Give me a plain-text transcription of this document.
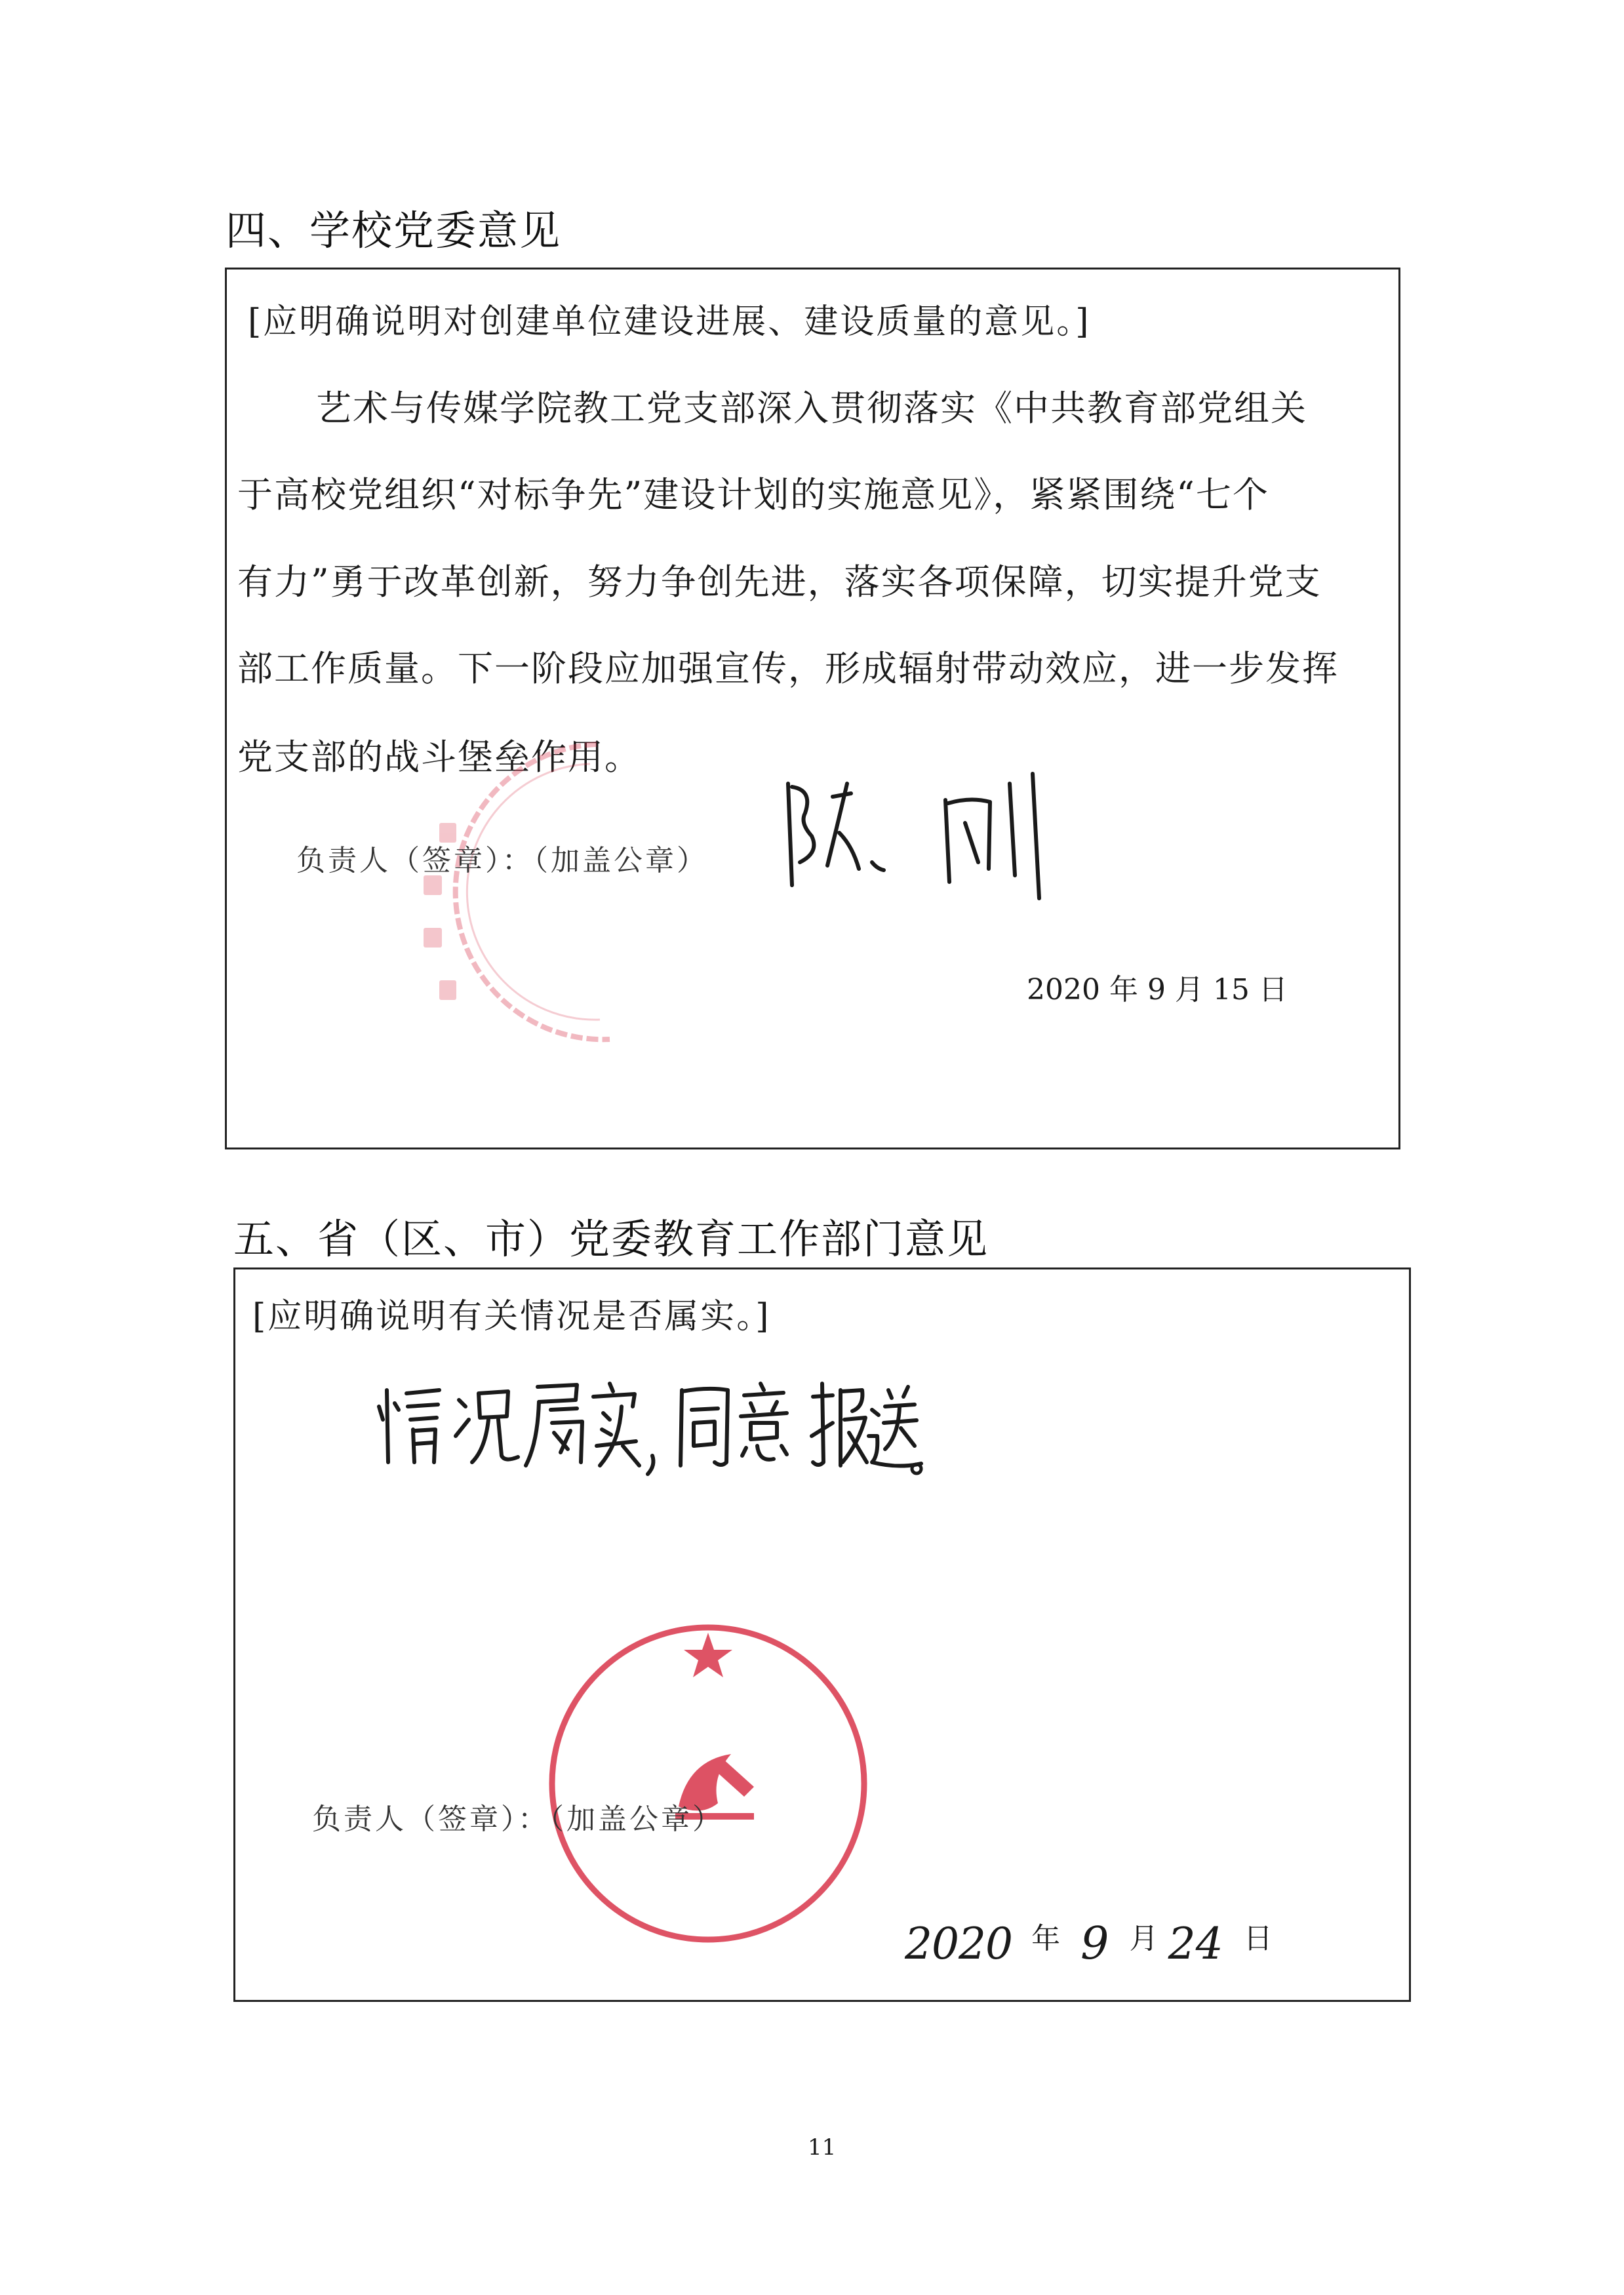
四、学校党委意见
[应明确说明对创建单位建设进展、建设质量的意见。]
艺术与传媒学院教工党支部深入贯彻落实《中共教育部党组关
于高校党组织“对标争先”建设计划的实施意见》，紧紧围绕“七个
有力”勇于改革创新，努力争创先进，落实各项保障，切实提升党支
部工作质量。下一阶段应加强宣传，形成辐射带动效应，进一步发挥
党支部的战斗堡垒作用。
负责人（签章）：（加盖公章）
2020 年 9 月 15 日
五、省（区、市）党委教育工作部门意见
[应明确说明有关情况是否属实。]
负责人（签章）：（加盖公章）
2020 年 9 月 24 日
11
